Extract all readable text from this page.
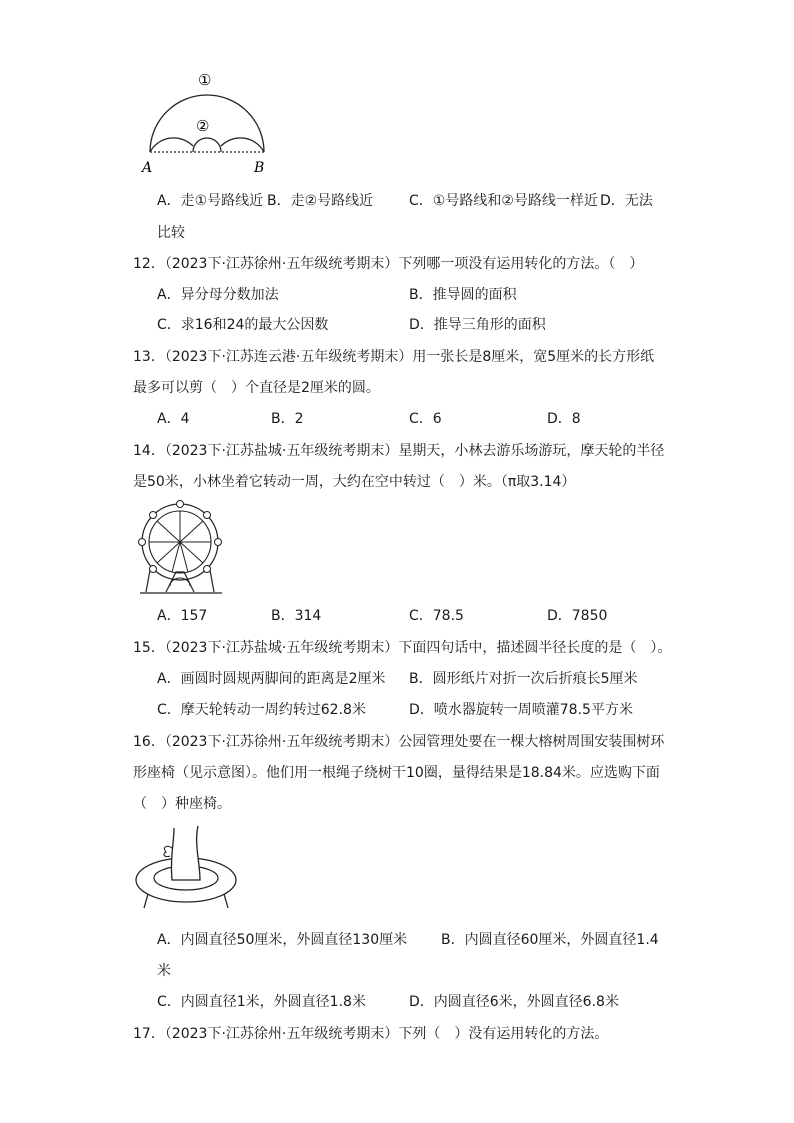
①
②
A	B
A．走①号路线近 B．走②号路线近	C．①号路线和②号路线一样近 D．无法
比较
12．（2023下·江苏徐州·五年级统考期末）下列哪一项没有运用转化的方法。（　）
A．异分母分数加法	B．推导圆的面积
C．求16和24的最大公因数	D．推导三角形的面积
13．（2023下·江苏连云港·五年级统考期末）用一张长是8厘米，宽5厘米的长方形纸
最多可以剪（　）个直径是2厘米的圆。
A．4	B．2	C．6	D．8
14．（2023下·江苏盐城·五年级统考期末）星期天，小林去游乐场游玩，摩天轮的半径
是50米，小林坐着它转动一周，大约在空中转过（　）米。（π取3.14）
A．157	B．314	C．78.5	D．7850
15．（2023下·江苏盐城·五年级统考期末）下面四句话中，描述圆半径长度的是（　）。
A．画圆时圆规两脚间的距离是2厘米 B．圆形纸片对折一次后折痕长5厘米
C．摩天轮转动一周约转过62.8米	D．喷水器旋转一周喷灌78.5平方米
16．（2023下·江苏徐州·五年级统考期末）公园管理处要在一棵大榕树周围安装围树环
形座椅（见示意图）。他们用一根绳子绕树干10圈，量得结果是18.84米。应选购下面
（　）种座椅。
A．内圆直径50厘米，外圆直径130厘米 B．内圆直径60厘米，外圆直径1.4
米
C．内圆直径1米，外圆直径1.8米	D．内圆直径6米，外圆直径6.8米
17．（2023下·江苏徐州·五年级统考期末）下列（　）没有运用转化的方法。
